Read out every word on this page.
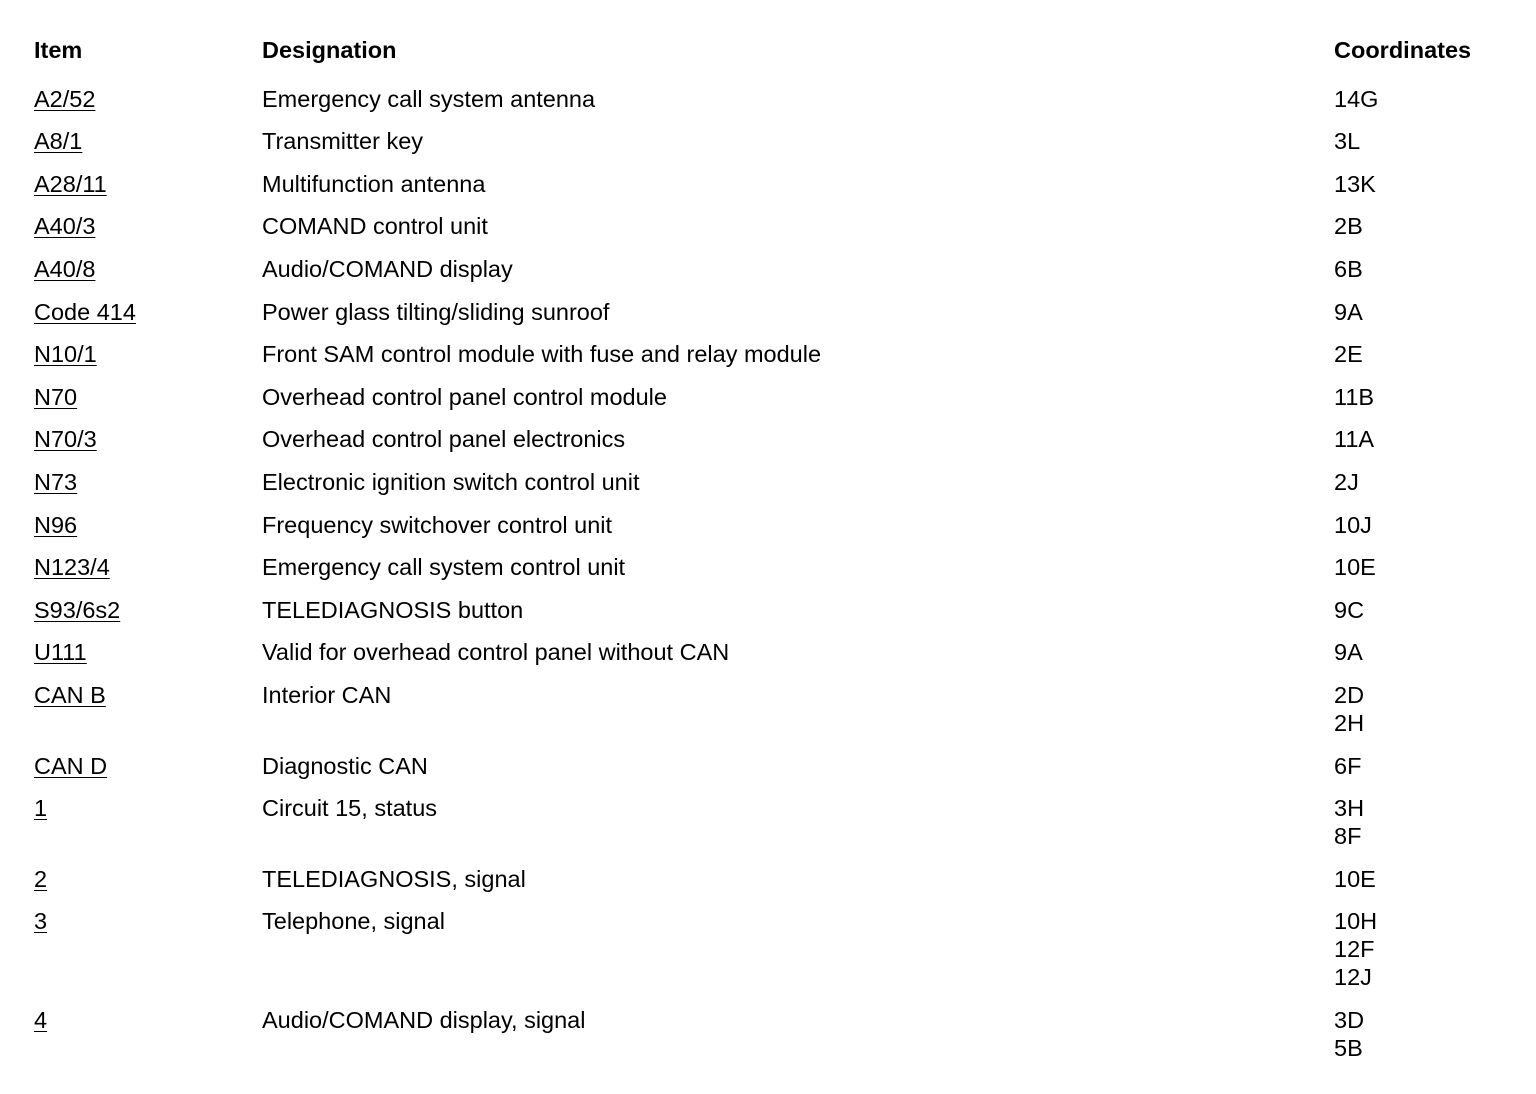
Item	Designation	Coordinates
A2/52	Emergency call system antenna	14G
A8/1	Transmitter key	3L
A28/11	Multifunction antenna	13K
A40/3	COMAND control unit	2B
A40/8	Audio/COMAND display	6B
Code 414	Power glass tilting/sliding sunroof	9A
N10/1	Front SAM control module with fuse and relay module	2E
N70	Overhead control panel control module	11B
N70/3	Overhead control panel electronics	11A
N73	Electronic ignition switch control unit	2J
N96	Frequency switchover control unit	10J
N123/4	Emergency call system control unit	10E
S93/6s2	TELEDIAGNOSIS button	9C
U111	Valid for overhead control panel without CAN	9A
CAN B	Interior CAN	2D
2H
CAN D	Diagnostic CAN	6F
1	Circuit 15, status	3H
8F
2	TELEDIAGNOSIS, signal	10E
3	Telephone, signal	10H
12F
12J
4	Audio/COMAND display, signal	3D
5B
